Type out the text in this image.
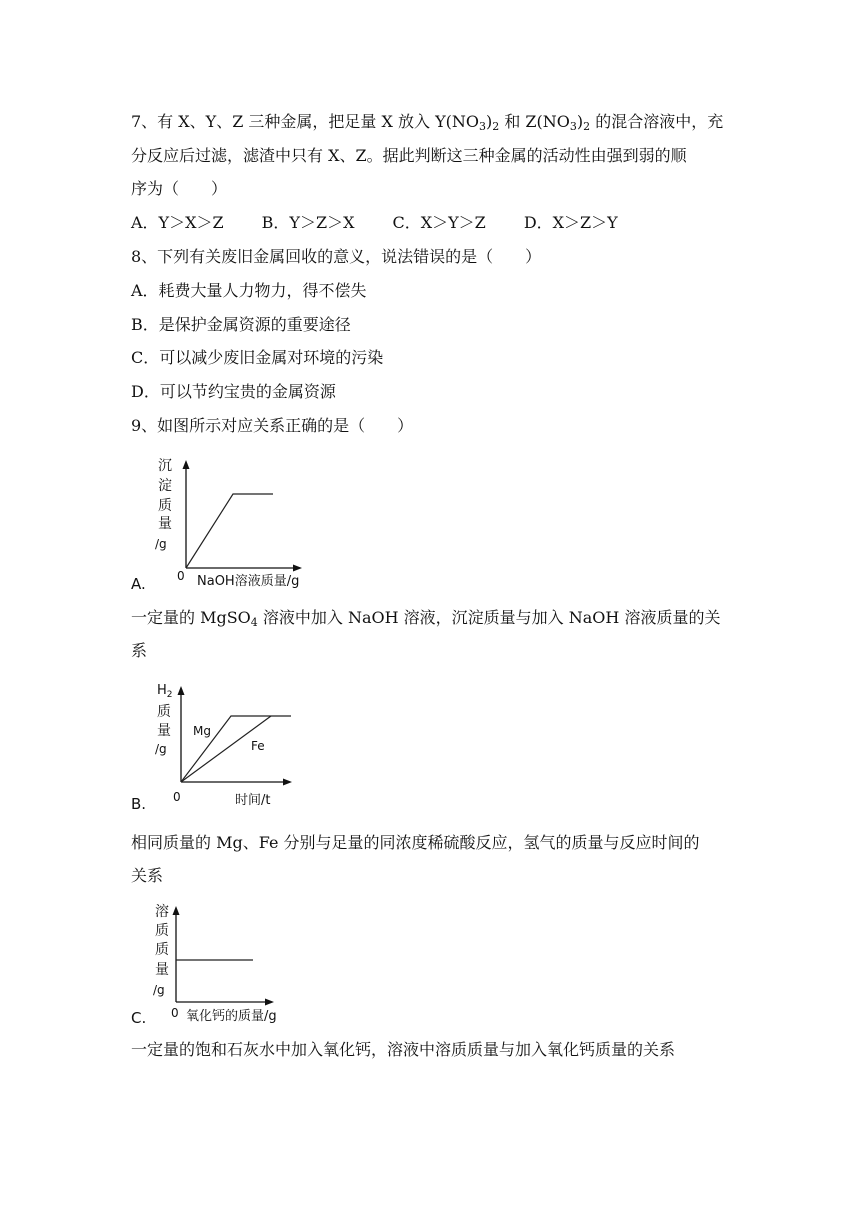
7、有 X、Y、Z 三种金属，把足量 X 放入 $Y(NO_3)_2$ 和 $Z(NO_3)_2$ 的混合溶液中，充
分反应后过滤，滤渣中只有 X、Z。据此判断这三种金属的活动性由强到弱的顺
序为（　　）
A．Y＞X＞Z B．Y＞Z＞X C．X＞Y＞Z D．X＞Z＞Y
8、下列有关废旧金属回收的意义，说法错误的是（　　）
A．耗费大量人力物力，得不偿失
B．是保护金属资源的重要途径
C．可以减少废旧金属对环境的污染
D．可以节约宝贵的金属资源
9、如图所示对应关系正确的是（　　）
沉
淀
质
量
/g
0 NaOH溶液质量/g
A.
一定量的 MgSO$_4$ 溶液中加入 NaOH 溶液，沉淀质量与加入 NaOH 溶液质量的关
系
$H_2$
质
量
/g
Mg
Fe
0	时间/t
B.
相同质量的 Mg、Fe 分别与足量的同浓度稀硫酸反应，氢气的质量与反应时间的
关系
溶
质
质
量
/g
0 氧化钙的质量/g
C.
一定量的饱和石灰水中加入氧化钙，溶液中溶质质量与加入氧化钙质量的关系
